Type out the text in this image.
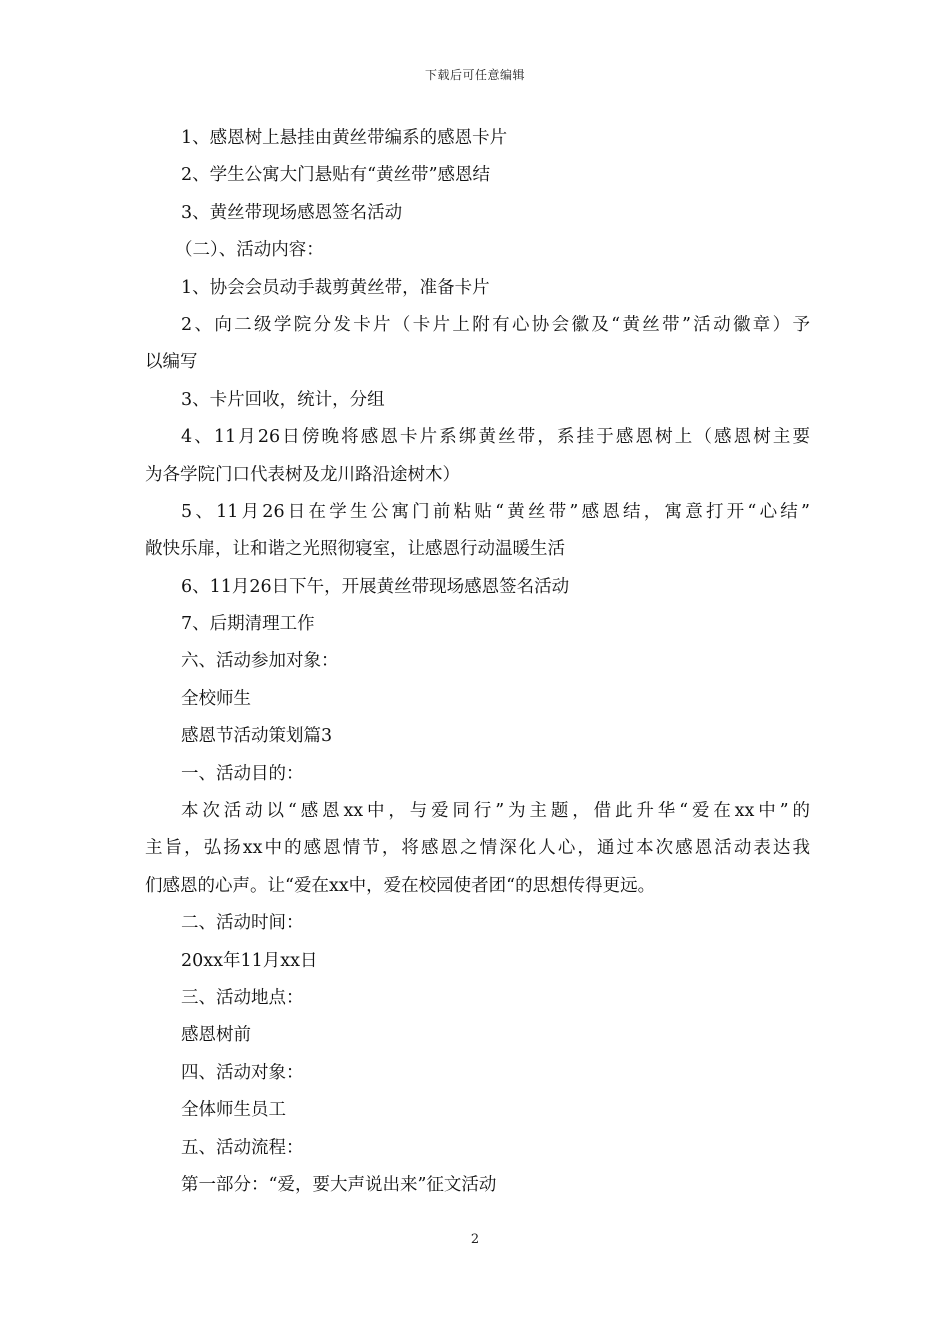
下载后可任意编辑
1、感恩树上悬挂由黄丝带编系的感恩卡片
2、学生公寓大门悬贴有“黄丝带”感恩结
3、黄丝带现场感恩签名活动
（二）、活动内容：
1、协会会员动手裁剪黄丝带，准备卡片
2、向二级学院分发卡片（卡片上附有心协会徽及“黄丝带”活动徽章）予
以编写
3、卡片回收，统计，分组
4、11月26日傍晚将感恩卡片系绑黄丝带，系挂于感恩树上（感恩树主要
为各学院门口代表树及龙川路沿途树木）
5、11月26日在学生公寓门前粘贴“黄丝带”感恩结，寓意打开“心结”
敞快乐扉，让和谐之光照彻寝室，让感恩行动温暖生活
6、11月26日下午，开展黄丝带现场感恩签名活动
7、后期清理工作
六、活动参加对象：
全校师生
感恩节活动策划篇3
一、活动目的：
本次活动以“感恩xx中，与爱同行”为主题，借此升华“爱在xx中”的
主旨，弘扬xx中的感恩情节，将感恩之情深化人心，通过本次感恩活动表达我
们感恩的心声。让“爱在xx中，爱在校园使者团“的思想传得更远。
二、活动时间：
20xx年11月xx日
三、活动地点：
感恩树前
四、活动对象：
全体师生员工
五、活动流程：
第一部分：“爱，要大声说出来”征文活动
2
